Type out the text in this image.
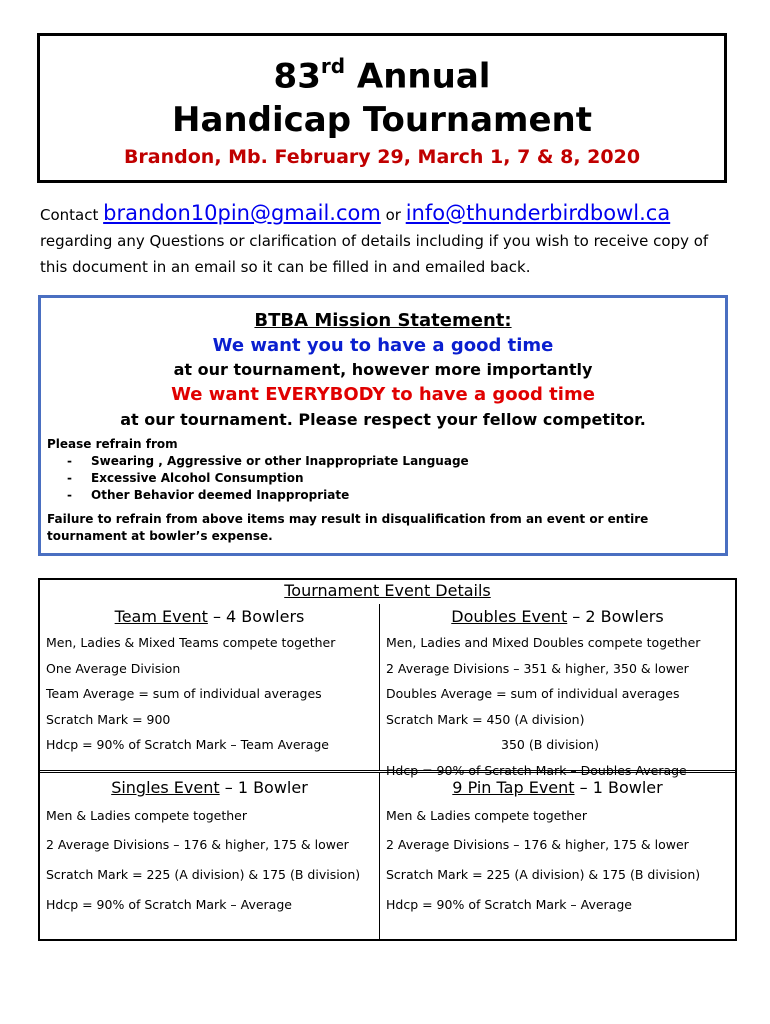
83rd Annual
Handicap Tournament
Brandon, Mb. February 29, March 1, 7 & 8, 2020
Contact brandon10pin@gmail.com or info@thunderbirdbowl.ca
regarding any Questions or clarification of details including if you wish to receive copy of this document in an email so it can be filled in and emailed back.
BTBA Mission Statement:
We want you to have a good time
at our tournament, however more importantly
We want EVERYBODY to have a good time
at our tournament. Please respect your fellow competitor.
Please refrain from
- Swearing , Aggressive or other Inappropriate Language
- Excessive Alcohol Consumption
- Other Behavior deemed Inappropriate
Failure to refrain from above items may result in disqualification from an event or entire tournament at bowler’s expense.
Tournament Event Details
Team Event – 4 Bowlers
Men, Ladies & Mixed Teams compete together
One Average Division
Team Average = sum of individual averages
Scratch Mark = 900
Hdcp = 90% of Scratch Mark – Team Average
Doubles Event – 2 Bowlers
Men, Ladies and Mixed Doubles compete together
2 Average Divisions – 351 & higher, 350 & lower
Doubles Average = sum of individual averages
Scratch Mark = 450 (A division)
350 (B division)
Hdcp = 90% of Scratch Mark – Doubles Average
Singles Event – 1 Bowler
Men & Ladies compete together
2 Average Divisions – 176 & higher, 175 & lower
Scratch Mark = 225 (A division) & 175 (B division)
Hdcp = 90% of Scratch Mark – Average
9 Pin Tap Event – 1 Bowler
Men & Ladies compete together
2 Average Divisions – 176 & higher, 175 & lower
Scratch Mark = 225 (A division) & 175 (B division)
Hdcp = 90% of Scratch Mark – Average
